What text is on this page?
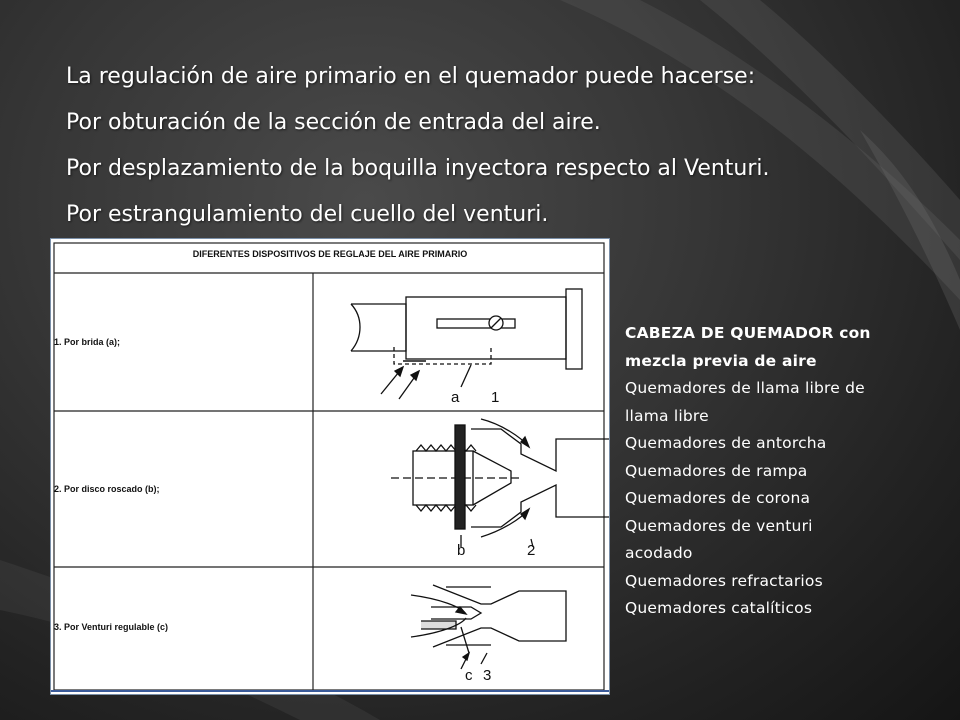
La regulación de aire primario en el quemador puede hacerse:
Por obturación de la sección de entrada del aire.
Por desplazamiento de la boquilla inyectora respecto al Venturi.
Por estrangulamiento del cuello del venturi.
DIFERENTES DISPOSITIVOS DE REGLAJE DEL AIRE PRIMARIO
1. Por brida (a);
2. Por disco roscado (b);
3. Por Venturi regulable (c)
a 1
b	2
c 3
CABEZA DE QUEMADOR con
mezcla previa de aire
Quemadores de llama libre de
llama libre
Quemadores de antorcha
Quemadores de rampa
Quemadores de corona
Quemadores de venturi
acodado
Quemadores refractarios
Quemadores catalíticos
